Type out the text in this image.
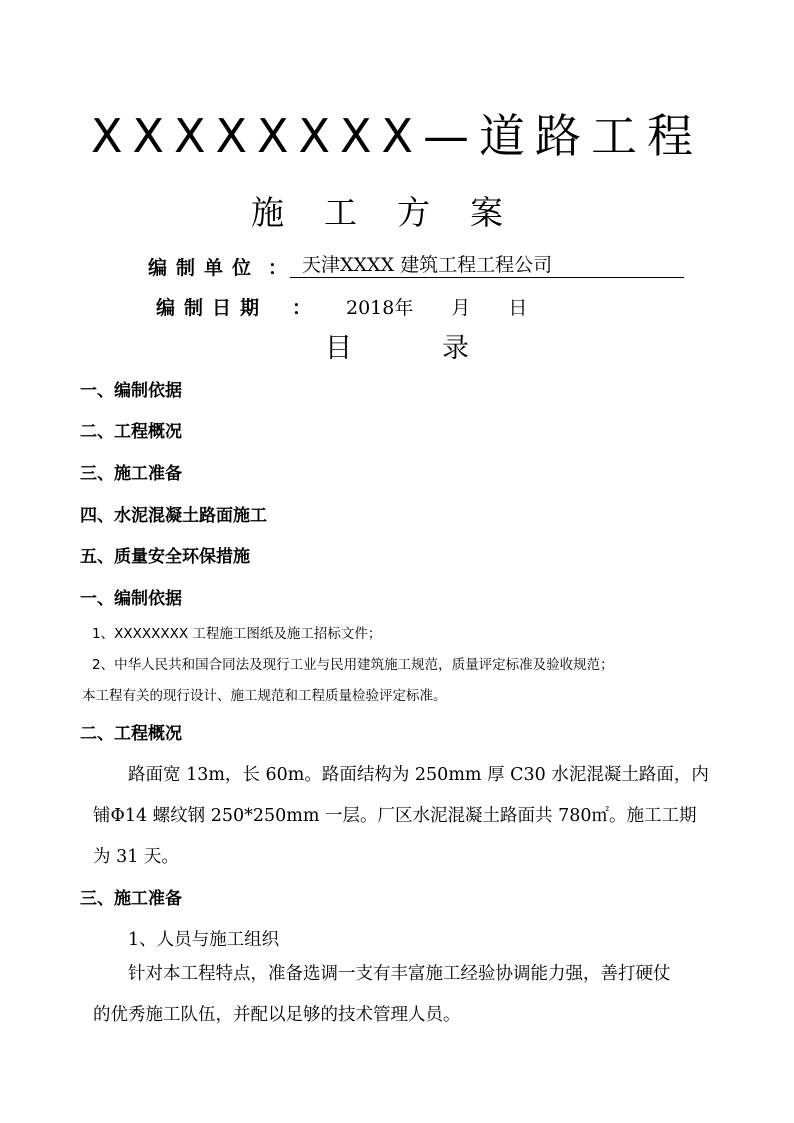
XXXXXXXX—道路工程
施工方案
编制单位 ： 天津XXXX 建筑工程工程公司
编制日期 ： 2018年　　月　　日
目录
一、编制依据
二、工程概况
三、施工准备
四、水泥混凝土路面施工
五、质量安全环保措施
一、编制依据
1、XXXXXXXX 工程施工图纸及施工招标文件；
2、中华人民共和国合同法及现行工业与民用建筑施工规范，质量评定标准及验收规范；
本工程有关的现行设计、施工规范和工程质量检验评定标准。
二、工程概况
路面宽 13m，长 60m。路面结构为 250mm 厚 C30 水泥混凝土路面，内
铺Φ14 螺纹钢 250*250mm 一层。厂区水泥混凝土路面共 780㎡。施工工期
为 31 天。
三、施工准备
1、人员与施工组织
针对本工程特点，准备选调一支有丰富施工经验协调能力强，善打硬仗
的优秀施工队伍，并配以足够的技术管理人员。
